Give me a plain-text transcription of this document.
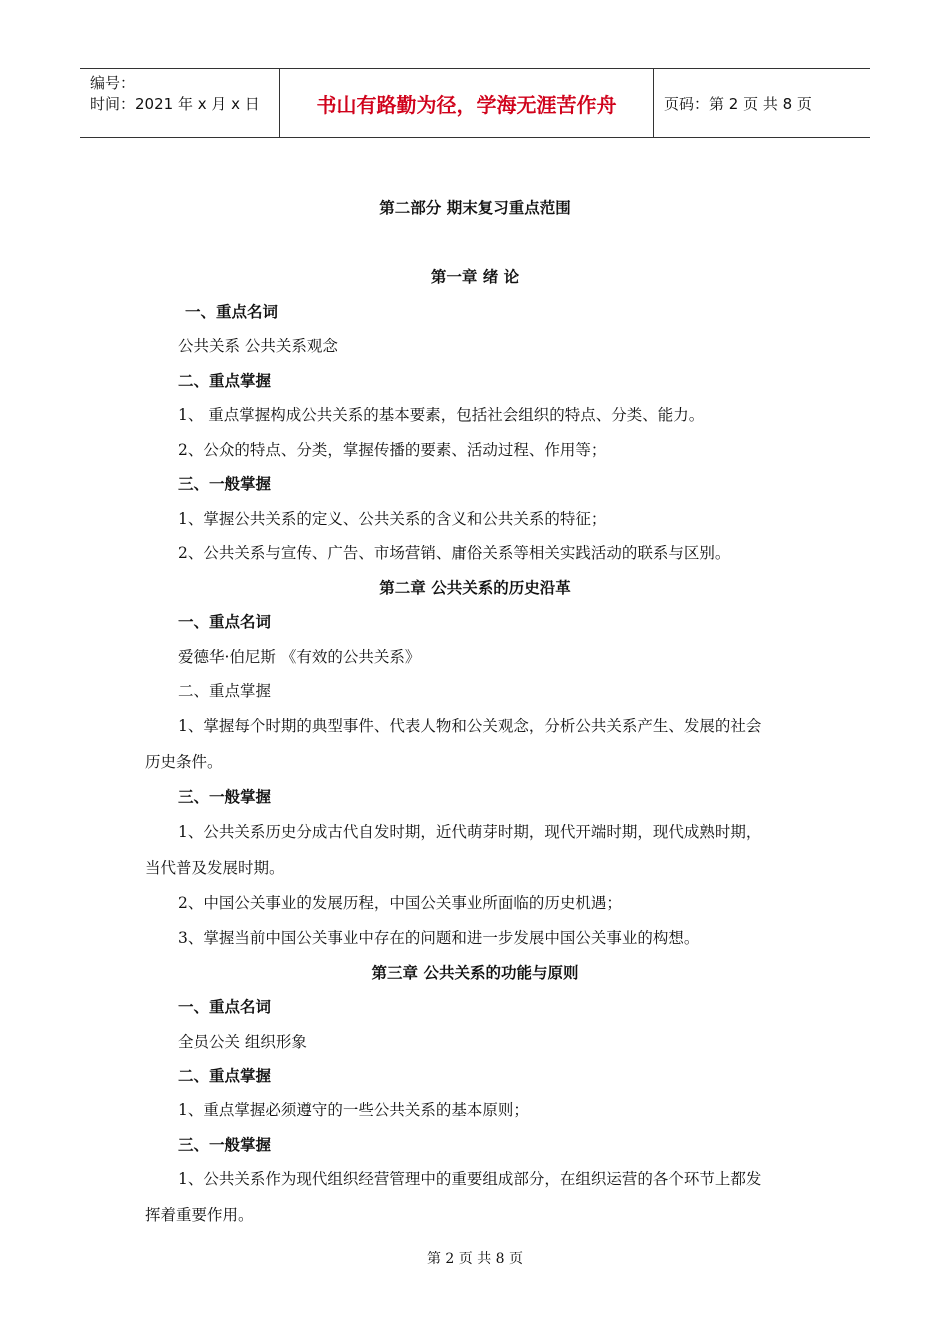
编号：
时间：2021 年 x 月 x 日	书山有路勤为径，学海无涯苦作舟	页码：第 2 页 共 8 页
第二部分 期末复习重点范围
第一章 绪 论
一、重点名词
公共关系 公共关系观念
二、重点掌握
1、 重点掌握构成公共关系的基本要素，包括社会组织的特点、分类、能力。
2、公众的特点、分类，掌握传播的要素、活动过程、作用等；
三、一般掌握
1、掌握公共关系的定义、公共关系的含义和公共关系的特征；
2、公共关系与宣传、广告、市场营销、庸俗关系等相关实践活动的联系与区别。
第二章 公共关系的历史沿革
一、重点名词
爱德华·伯尼斯 《有效的公共关系》
二、重点掌握
1、掌握每个时期的典型事件、代表人物和公关观念，分析公共关系产生、发展的社会
历史条件。
三、一般掌握
1、公共关系历史分成古代自发时期，近代萌芽时期，现代开端时期，现代成熟时期，
当代普及发展时期。
2、中国公关事业的发展历程，中国公关事业所面临的历史机遇；
3、掌握当前中国公关事业中存在的问题和进一步发展中国公关事业的构想。
第三章 公共关系的功能与原则
一、重点名词
全员公关 组织形象
二、重点掌握
1、重点掌握必须遵守的一些公共关系的基本原则；
三、一般掌握
1、公共关系作为现代组织经营管理中的重要组成部分，在组织运营的各个环节上都发
挥着重要作用。
第 2 页 共 8 页
